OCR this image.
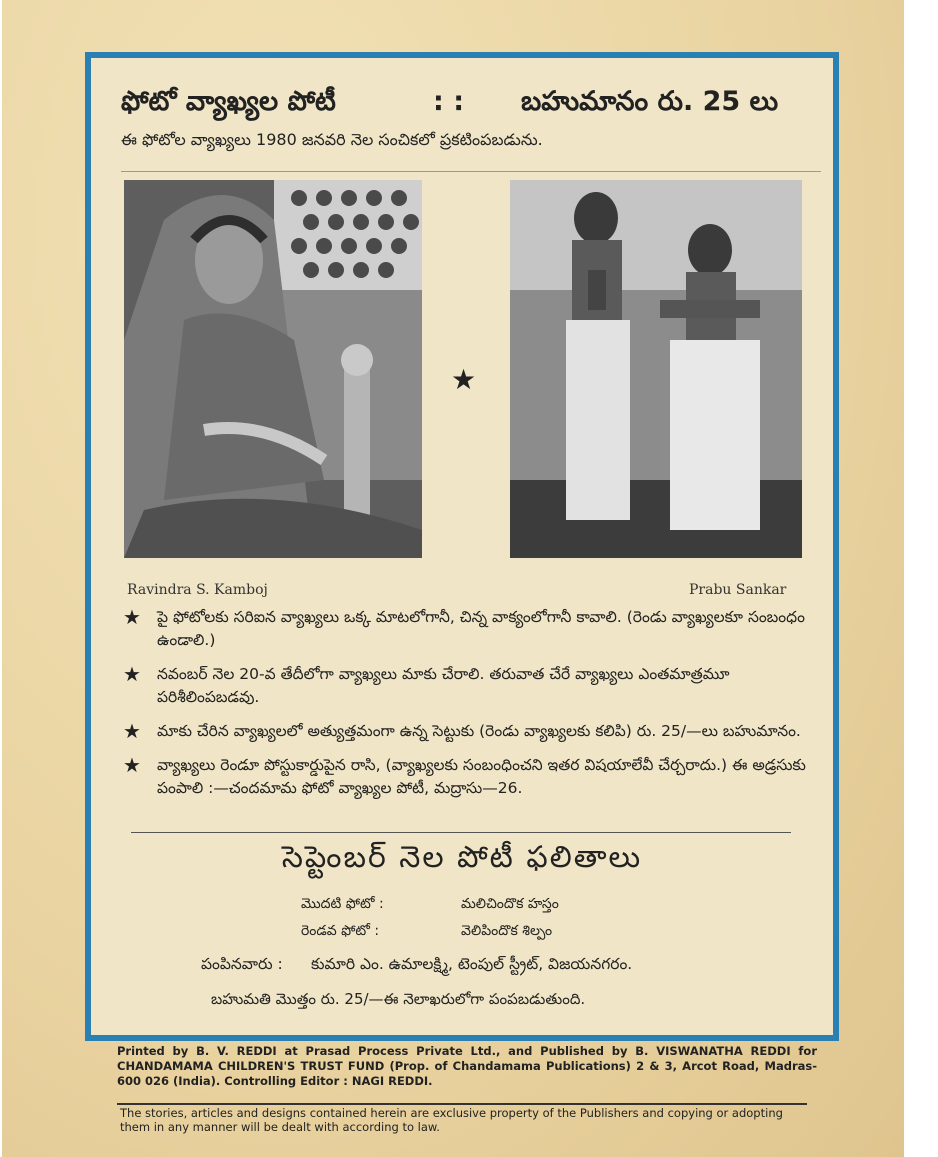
ఫోటో వ్యాఖ్యల పోటీ	: : బహుమానం రు. 25 లు
ఈ ఫోటోల వ్యాఖ్యలు 1980 జనవరి నెల సంచికలో ప్రకటింపబడును.
★
Ravindra S. Kamboj	Prabu Sankar
★ పై ఫోటోలకు సరిఐన వ్యాఖ్యలు ఒక్క మాటలోగానీ, చిన్న వాక్యంలోగానీ కావాలి. (రెండు వ్యాఖ్యలకూ సంబంధం ఉండాలి.)
★ నవంబర్ నెల 20-వ తేదీలోగా వ్యాఖ్యలు మాకు చేరాలి. తరువాత చేరే వ్యాఖ్యలు ఎంతమాత్రమూ పరిశీలింపబడవు.
★ మాకు చేరిన వ్యాఖ్యలలో అత్యుత్తమంగా ఉన్న సెట్టుకు (రెండు వ్యాఖ్యలకు కలిపి) రు. 25/—లు బహుమానం.
★ వ్యాఖ్యలు రెండూ పోస్టుకార్డుపైన రాసి, (వ్యాఖ్యలకు సంబంధించని ఇతర విషయాలేవీ చేర్చరాదు.) ఈ అడ్రసుకు పంపాలి :—చందమామ ఫోటో వ్యాఖ్యల పోటీ, మద్రాసు—26.
సెప్టెంబర్ నెల పోటీ ఫలితాలు
మొదటి ఫోటో :	మలిచిందొక హస్తం
రెండవ ఫోటో :	వెలిపిందొక శిల్పం
పంపినవారు : కుమారి ఎం. ఉమాలక్ష్మి, టెంపుల్ స్ట్రీట్, విజయనగరం.
బహుమతి మొత్తం రు. 25/—ఈ నెలాఖరులోగా పంపబడుతుంది.
Printed by B. V. REDDI at Prasad Process Private Ltd., and Published by B. VISWANATHA REDDI for CHANDAMAMA CHILDREN'S TRUST FUND (Prop. of Chandamama Publications) 2 & 3, Arcot Road, Madras-600 026 (India). Controlling Editor : NAGI REDDI.
The stories, articles and designs contained herein are exclusive property of the Publishers and copying or adopting them in any manner will be dealt with according to law.
